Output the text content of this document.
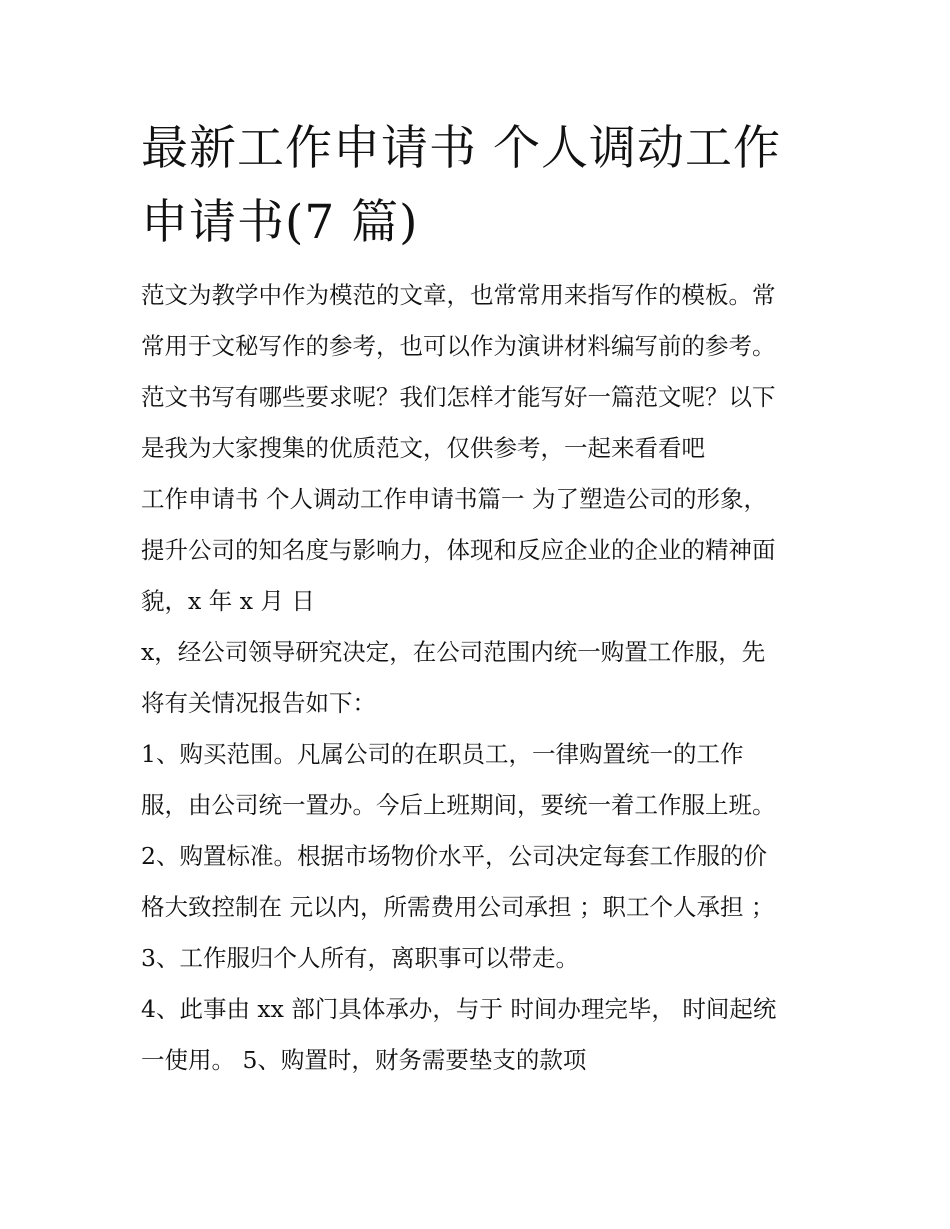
最新工作申请书 个人调动工作
申请书(7 篇)
范文为教学中作为模范的文章，也常常用来指写作的模板。常
常用于文秘写作的参考，也可以作为演讲材料编写前的参考。
范文书写有哪些要求呢？我们怎样才能写好一篇范文呢？以下
是我为大家搜集的优质范文，仅供参考，一起来看看吧
工作申请书 个人调动工作申请书篇一 为了塑造公司的形象，
提升公司的知名度与影响力，体现和反应企业的企业的精神面
貌，x 年 x 月 日
x，经公司领导研究决定，在公司范围内统一购置工作服，先
将有关情况报告如下：
1、购买范围。凡属公司的在职员工，一律购置统一的工作
服，由公司统一置办。今后上班期间，要统一着工作服上班。
2、购置标准。根据市场物价水平，公司决定每套工作服的价
格大致控制在 元以内，所需费用公司承担 ；职工个人承担 ；
3、工作服归个人所有，离职事可以带走。
4、此事由 xx 部门具体承办，与于 时间办理完毕， 时间起统
一使用。 5、购置时，财务需要垫支的款项
